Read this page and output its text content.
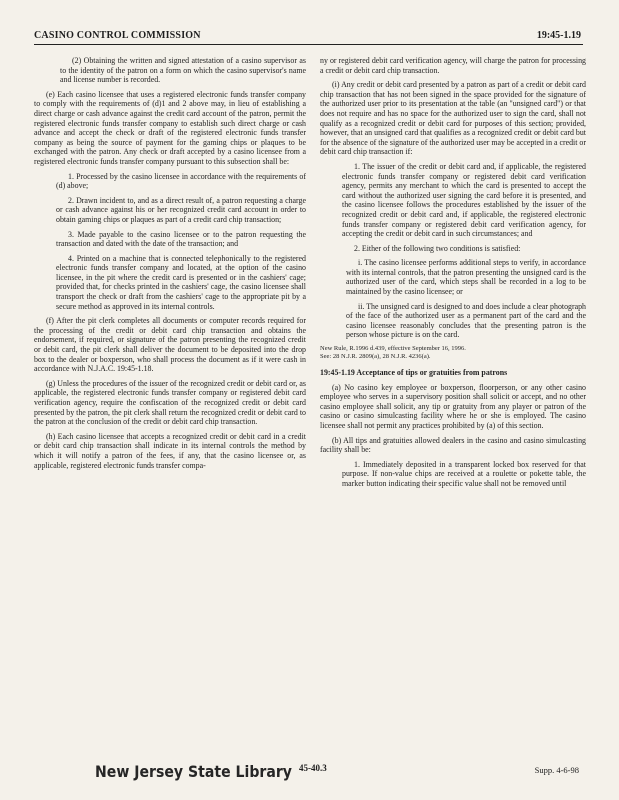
CASINO CONTROL COMMISSION	19:45-1.19

(2) Obtaining the written and signed attestation of a casino supervisor as to the identity of the patron on a form on which the casino supervisor's name and license number is recorded.

(e) Each casino licensee that uses a registered electronic funds transfer company to comply with the requirements of (d)1 and 2 above may, in lieu of establishing a direct charge or cash advance against the credit card account of the patron, permit the registered electronic funds transfer company to establish such direct charge or cash advance and accept the check or draft of the registered electronic funds transfer company as being the source of payment for the gaming chips or plaques to be exchanged with the patron. Any check or draft accepted by a casino licensee from a registered electronic funds transfer company pursuant to this subsection shall be:

1. Processed by the casino licensee in accordance with the requirements of (d) above;

2. Drawn incident to, and as a direct result of, a patron requesting a charge or cash advance against his or her recognized credit card account in order to obtain gaming chips or plaques as part of a credit card chip transaction;

3. Made payable to the casino licensee or to the patron requesting the transaction and dated with the date of the transaction; and

4. Printed on a machine that is connected telephonically to the registered electronic funds transfer company and located, at the option of the casino licensee, in the pit where the credit card is presented or in the cashiers' cage; provided that, for checks printed in the cashiers' cage, the casino licensee shall transport the check or draft from the cashiers' cage to the appropriate pit by a secure method as approved in its internal controls.

(f) After the pit clerk completes all documents or computer records required for the processing of the credit or debit card chip transaction and obtains the endorsement, if required, or signature of the patron presenting the recognized credit or debit card, the pit clerk shall deliver the document to be deposited into the drop box to the dealer or boxperson, who shall process the document as if it were cash in accordance with N.J.A.C. 19:45-1.18.

(g) Unless the procedures of the issuer of the recognized credit or debit card or, as applicable, the registered electronic funds transfer company or registered debit card verification agency, require the confiscation of the recognized credit or debit card presented by the patron, the pit clerk shall return the recognized credit or debit card to the patron at the conclusion of the credit or debit card chip transaction.

(h) Each casino licensee that accepts a recognized credit or debit card in a credit or debit card chip transaction shall indicate in its internal controls the method by which it will notify a patron of the fees, if any, that the casino licensee or, as applicable, registered electronic funds transfer compa-

ny or registered debit card verification agency, will charge the patron for processing a credit or debit card chip transaction.

(i) Any credit or debit card presented by a patron as part of a credit or debit card chip transaction that has not been signed in the space provided for the signature of the authorized user prior to its presentation at the table (an "unsigned card") or that does not require and has no space for the authorized user to sign the card, shall not qualify as a recognized credit or debit card for purposes of this section; provided, however, that an unsigned card that qualifies as a recognized credit or debit card but for the absence of the signature of the authorized user may be accepted in a credit or debit card chip transaction if:

1. The issuer of the credit or debit card and, if applicable, the registered electronic funds transfer company or registered debit card verification agency, permits any merchant to which the card is presented to accept the card without the authorized user signing the card before it is presented, and the casino licensee follows the procedures established by the issuer of the recognized credit or debit card and, if applicable, the registered electronic funds transfer company or registered debit card verification agency, for accepting the credit or debit card in such circumstances; and

2. Either of the following two conditions is satisfied:

i. The casino licensee performs additional steps to verify, in accordance with its internal controls, that the patron presenting the unsigned card is the authorized user of the card, which steps shall be recorded in a log to be maintained by the casino licensee; or

ii. The unsigned card is designed to and does include a clear photograph of the face of the authorized user as a permanent part of the card and the casino licensee reasonably concludes that the presenting patron is the person whose picture is on the card.

New Rule, R.1996 d.439, effective September 16, 1996.
See: 28 N.J.R. 2809(a), 28 N.J.R. 4236(a).

19:45-1.19 Acceptance of tips or gratuities from patrons

(a) No casino key employee or boxperson, floorperson, or any other casino employee who serves in a supervisory position shall solicit or accept, and no other casino employee shall solicit, any tip or gratuity from any player or patron of the casino or casino simulcasting facility where he or she is employed. The casino licensee shall not permit any practices prohibited by (a) of this section.

(b) All tips and gratuities allowed dealers in the casino and casino simulcasting facility shall be:

1. Immediately deposited in a transparent locked box reserved for that purpose. If non-value chips are received at a roulette or pokette table, the marker button indicating their specific value shall not be removed until

New Jersey State Library 45-40.3	Supp. 4-6-98
